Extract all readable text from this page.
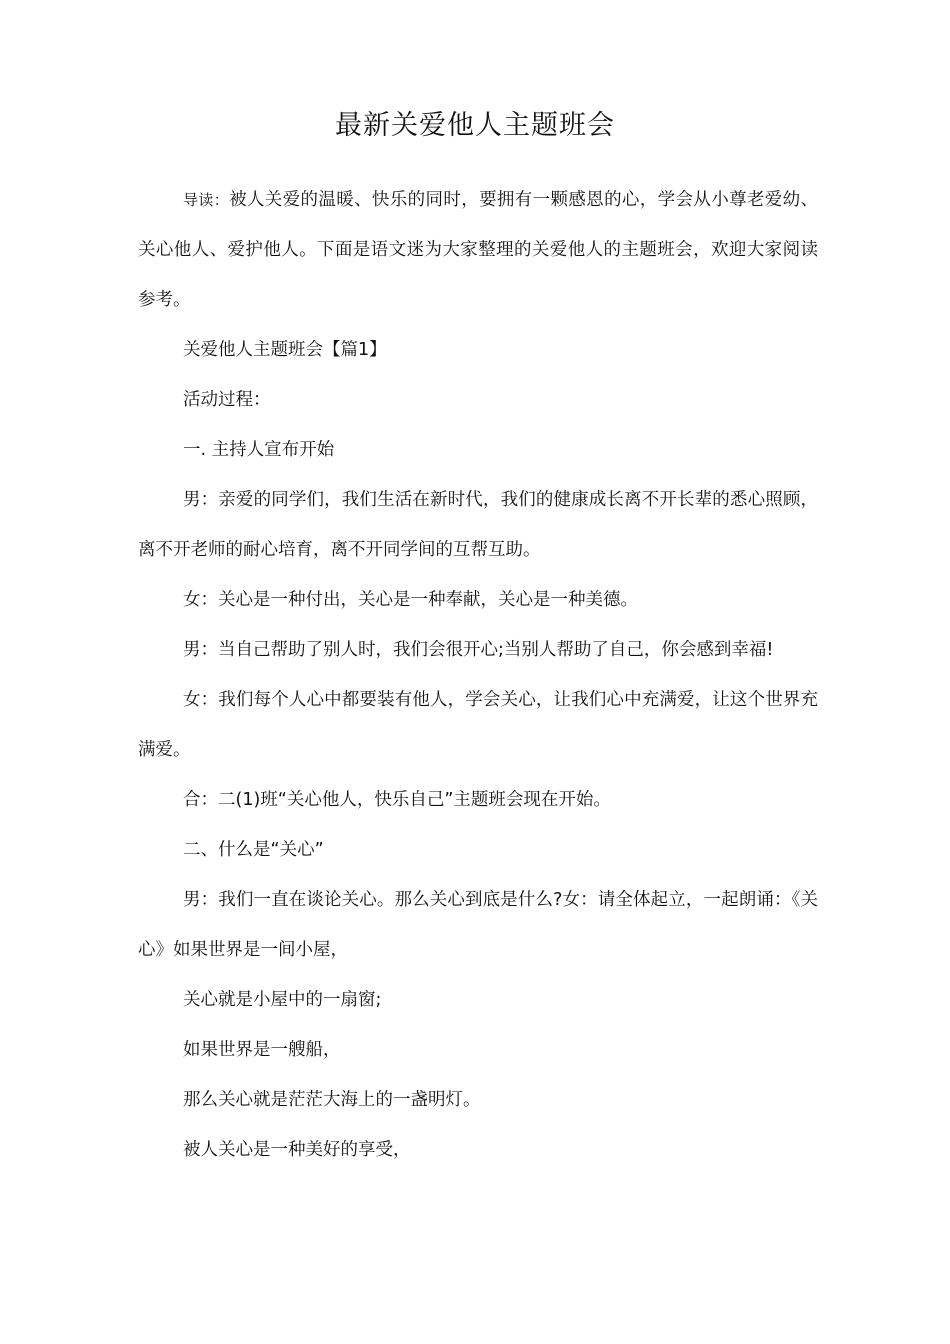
最新关爱他人主题班会

导读：被人关爱的温暖、快乐的同时，要拥有一颗感恩的心，学会从小尊老爱幼、关心他人、爱护他人。下面是语文迷为大家整理的关爱他人的主题班会，欢迎大家阅读参考。

关爱他人主题班会【篇1】

活动过程：

一. 主持人宣布开始

男：亲爱的同学们，我们生活在新时代，我们的健康成长离不开长辈的悉心照顾，离不开老师的耐心培育，离不开同学间的互帮互助。

女：关心是一种付出，关心是一种奉献，关心是一种美德。

男：当自己帮助了别人时，我们会很开心;当别人帮助了自己，你会感到幸福!

女：我们每个人心中都要装有他人，学会关心，让我们心中充满爱，让这个世界充满爱。

合：二(1)班“关心他人，快乐自己”主题班会现在开始。

二、什么是“关心”

男：我们一直在谈论关心。那么关心到底是什么?女：请全体起立，一起朗诵：《关心》如果世界是一间小屋，

关心就是小屋中的一扇窗;

如果世界是一艘船，

那么关心就是茫茫大海上的一盏明灯。

被人关心是一种美好的享受，
